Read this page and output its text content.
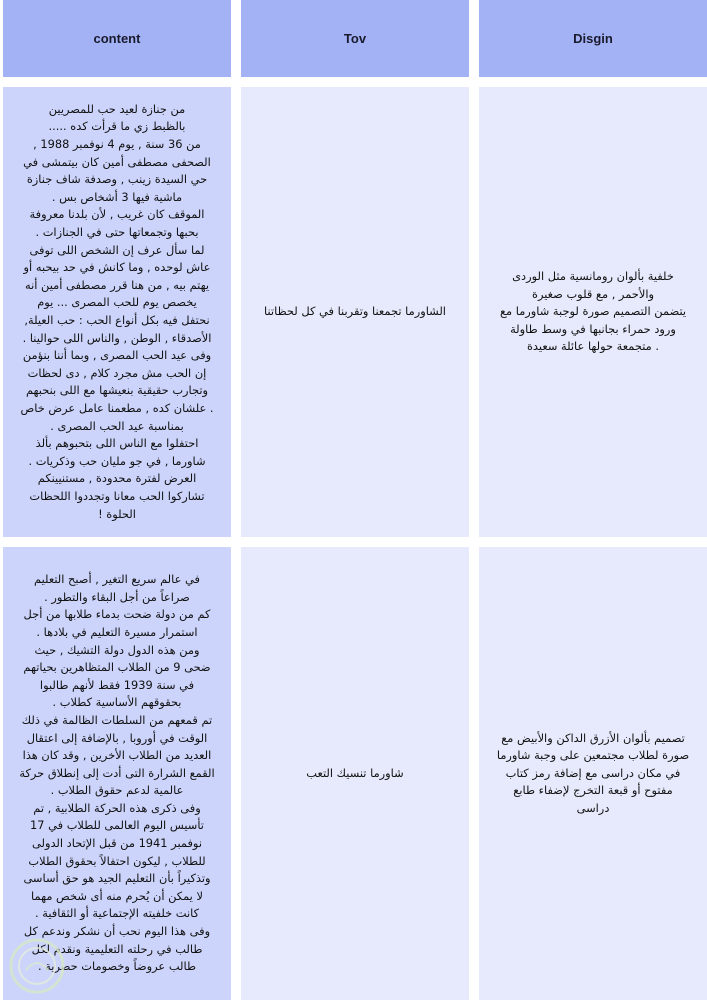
content	Tov	Disgin
من جنازة لعيد حب للمصريين
بالظبط زي ما قرأت كده .....
من 36 سنة , يوم 4 نوفمبر 1988 ,
الصحفى مصطفى أمين كان بيتمشى في
حي السيدة زينب , وصدفة شاف جنازة
ماشية فيها 3 أشخاص بس .
الموقف كان غريب , لأن بلدنا معروفة
بحبها وتجمعاتها حتى في الجنازات .
لما سأل عرف إن الشخص اللى توفى
عاش لوحده , وما كانش في حد بيحبه أو
يهتم بيه , من هنا قرر مصطفى أمين أنه
يخصص يوم للحب المصرى ... يوم
نحتفل فيه بكل أنواع الحب : حب العيلة,
الأصدقاء , الوطن , والناس اللى حوالينا .
وفى عيد الحب المصرى , وبما أننا بنؤمن
إن الحب مش مجرد كلام , دى لحظات
وتجارب حقيقية بنعيشها مع اللى بنحبهم
. علشان كده , مطعمنا عامل عرض خاص
بمناسبة عيد الحب المصرى .
احتفلوا مع الناس اللى بتحبوهم بألذ
شاورما , في جو مليان حب وذكريات .
العرض لفترة محدودة , مستنيينكم
تشاركوا الحب معانا وتجددوا اللحظات
الحلوة !
الشاورما تجمعنا وتقربنا في كل لحظاتنا
خلفية بألوان رومانسية مثل الوردى
والأحمر , مع قلوب صغيرة
يتضمن التصميم صورة لوجبة شاورما مع
ورود حمراء بجانبها في وسط طاولة
. متجمعة حولها عائلة سعيدة
في عالم سريع التغير , أصبح التعليم
صراعاً من أجل البقاء والتطور .
كم من دولة ضحت بدماء طلابها من أجل
استمرار مسيرة التعليم في بلادها .
ومن هذه الدول دولة التشيك , حيث
ضحى 9 من الطلاب المتظاهرين بحياتهم
في سنة 1939 فقط لأنهم طالبوا
بحقوقهم الأساسية كطلاب .
تم قمعهم من السلطات الظالمة في ذلك
الوقت في أوروبا , بالإضافة إلى اعتقال
العديد من الطلاب الأخرين , وقد كان هذا
القمع الشرارة التى أدت إلى إنطلاق حركة
عالمية لدعم حقوق الطلاب .
وفى ذكرى هذه الحركة الطلابية , تم
تأسيس اليوم العالمى للطلاب في 17
نوفمبر 1941 من قبل الإتحاد الدولى
للطلاب , ليكون احتفالاً بحقوق الطلاب
وتذكيراً بأن التعليم الجيد هو حق أساسى
لا يمكن أن يُحرم منه أى شخص مهما
كانت خلفيته الإجتماعية أو الثقافية .
وفى هذا اليوم نحب أن نشكر وندعم كل
طالب في رحلته التعليمية ونقدم لكل
طالب عروضاً وخصومات حصرية .
شاورما تنسيك التعب
تصميم بألوان الأزرق الداكن والأبيض مع
صورة لطلاب مجتمعين على وجبة شاورما
في مكان دراسى مع إضافة رمز كتاب
مفتوح أو قبعة التخرج لإضفاء طابع
دراسى
